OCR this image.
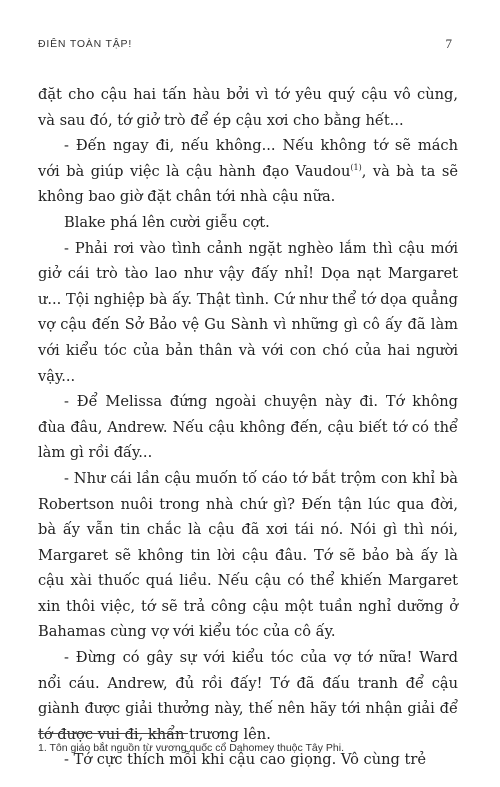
ĐIÊN TOÀN TẬP!	7

đặt cho cậu hai tấn hàu bởi vì tớ yêu quý cậu vô cùng, và sau đó, tớ giở trò để ép cậu xơi cho bằng hết...

- Đến ngay đi, nếu không... Nếu không tớ sẽ mách với bà giúp việc là cậu hành đạo Vaudou$^{(1)}$, và bà ta sẽ không bao giờ đặt chân tới nhà cậu nữa.

Blake phá lên cười giễu cợt.

- Phải rơi vào tình cảnh ngặt nghèo lắm thì cậu mới giở cái trò tào lao như vậy đấy nhỉ! Dọa nạt Margaret ư... Tội nghiệp bà ấy. Thật tình. Cứ như thể tớ dọa quẳng vợ cậu đến Sở Bảo vệ Gu Sành vì những gì cô ấy đã làm với kiểu tóc của bản thân và với con chó của hai người vậy...

- Để Melissa đứng ngoài chuyện này đi. Tớ không đùa đâu, Andrew. Nếu cậu không đến, cậu biết tớ có thể làm gì rồi đấy...

- Như cái lần cậu muốn tố cáo tớ bắt trộm con khỉ bà Robertson nuôi trong nhà chứ gì? Đến tận lúc qua đời, bà ấy vẫn tin chắc là cậu đã xơi tái nó. Nói gì thì nói, Margaret sẽ không tin lời cậu đâu. Tớ sẽ bảo bà ấy là cậu xài thuốc quá liều. Nếu cậu có thể khiến Margaret xin thôi việc, tớ sẽ trả công cậu một tuần nghỉ dưỡng ở Bahamas cùng vợ với kiểu tóc của cô ấy.

- Đừng có gây sự với kiểu tóc của vợ tớ nữa! Ward nổi cáu. Andrew, đủ rồi đấy! Tớ đã đấu tranh để cậu giành được giải thưởng này, thế nên hãy tới nhận giải để tớ được vui đi, khẩn trương lên.

- Tớ cực thích mỗi khi cậu cao giọng. Vô cùng trẻ

1. Tôn giáo bắt nguồn từ vương quốc cổ Dahomey thuộc Tây Phi.
